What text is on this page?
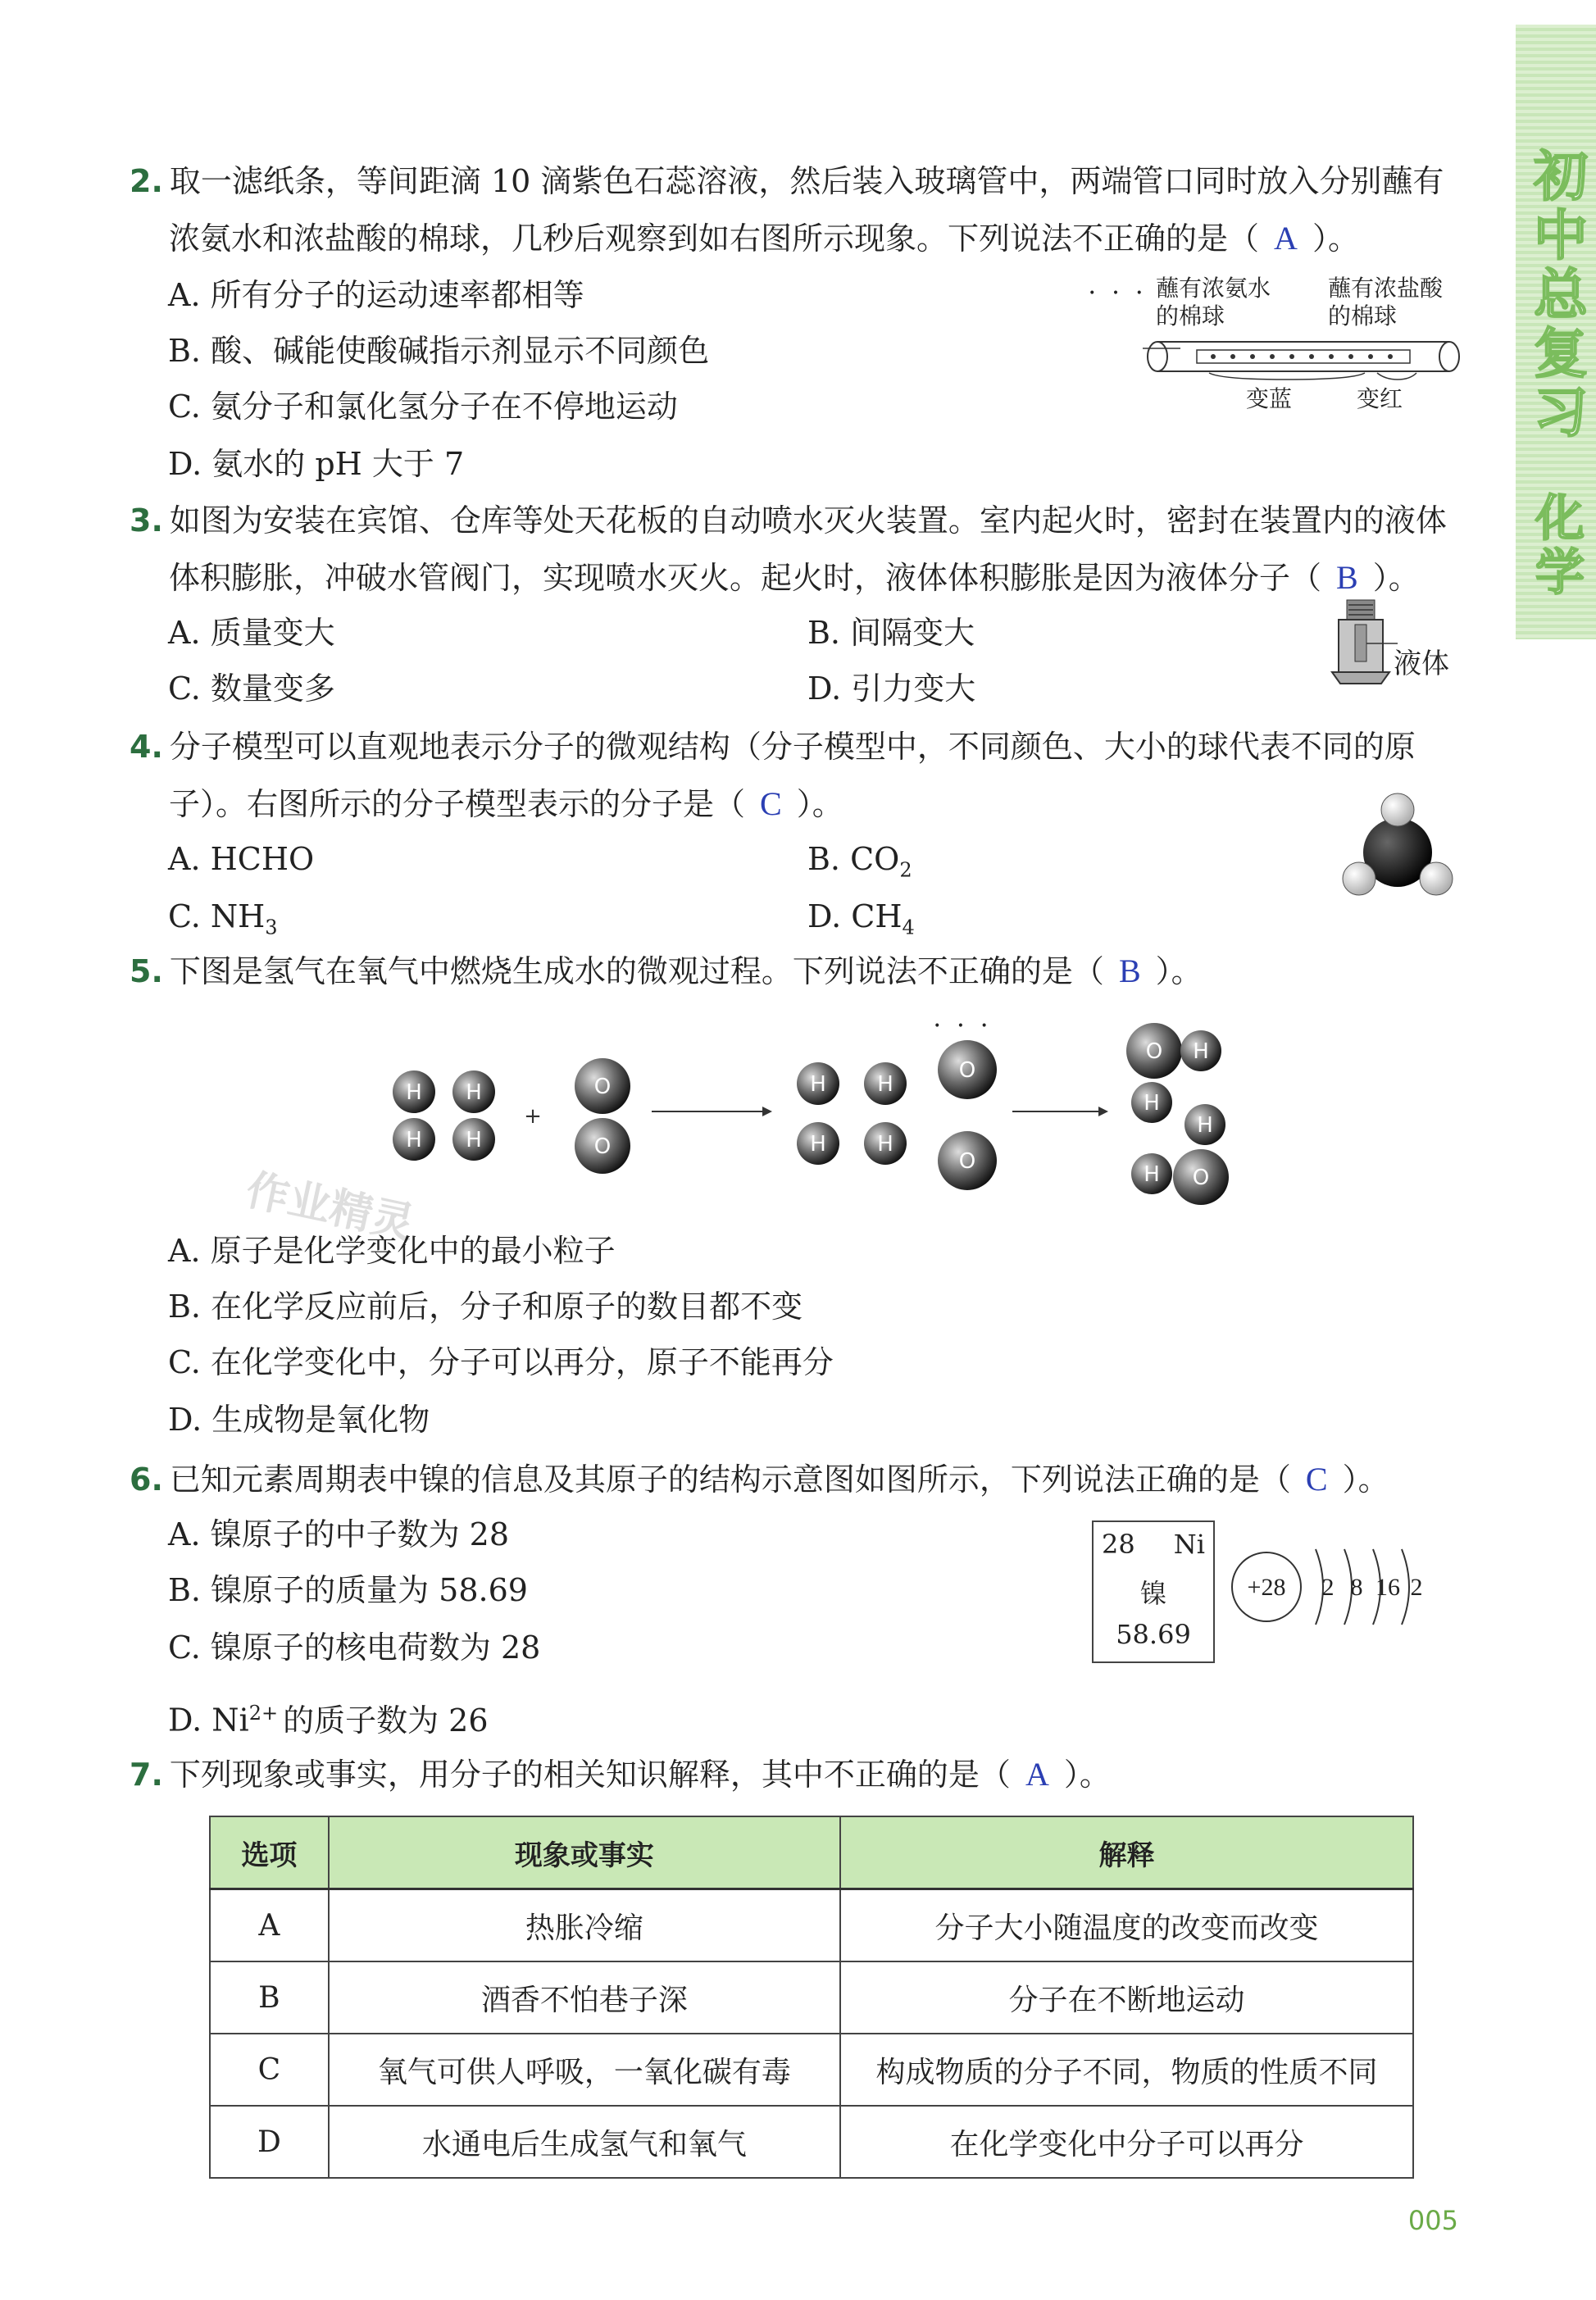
初中总复习
化学
2. 取一滤纸条，等间距滴 10 滴紫色石蕊溶液，然后装入玻璃管中，两端管口同时放入分别蘸有
浓氨水和浓盐酸的棉球，几秒后观察到如右图所示现象。下列说法不正确 • • •的是（ A ）。
A. 所有分子的运动速率都相等
B. 酸、碱能使酸碱指示剂显示不同颜色
C. 氨分子和氯化氢分子在不停地运动
D. 氨水的 pH 大于 7
蘸有浓氨水
的棉球
蘸有浓盐酸
的棉球
变蓝	变红
3. 如图为安装在宾馆、仓库等处天花板的自动喷水灭火装置。室内起火时，密封在装置内的液体
体积膨胀，冲破水管阀门，实现喷水灭火。起火时，液体体积膨胀是因为液体分子（ B ）。
A. 质量变大	B. 间隔变大
C. 数量变多	D. 引力变大
液体
4. 分子模型可以直观地表示分子的微观结构（分子模型中，不同颜色、大小的球代表不同的原
子）。右图所示的分子模型表示的分子是（ C ）。
A. HCHO	B. $CO_2$
C. $NH_3$	D. $CH_4$
5. 下图是氢气在氧气中燃烧生成水的微观过程。下列说法不正确 • • •的是（ B ）。
H H
H H
+
O
O
H H
H H
O
O
O H
H
H
H O
作业精灵
A. 原子是化学变化中的最小粒子
B. 在化学反应前后，分子和原子的数目都不变
C. 在化学变化中，分子可以再分，原子不能再分
D. 生成物是氧化物
6. 已知元素周期表中镍的信息及其原子的结构示意图如图所示，下列说法正确的是（ C ）。
A. 镍原子的中子数为 28
B. 镍原子的质量为 58.69
C. 镍原子的核电荷数为 28
D. $Ni^{2+}$ 的质子数为 26
28 Ni
镍
58.69
+28 2 8 16 2
7. 下列现象或事实，用分子的相关知识解释，其中不正确 • • •的是（ A ）。
选项	现象或事实	解释
A	热胀冷缩	分子大小随温度的改变而改变
B	酒香不怕巷子深	分子在不断地运动
C	氧气可供人呼吸，一氧化碳有毒	构成物质的分子不同，物质的性质不同
D	水通电后生成氢气和氧气	在化学变化中分子可以再分
005
